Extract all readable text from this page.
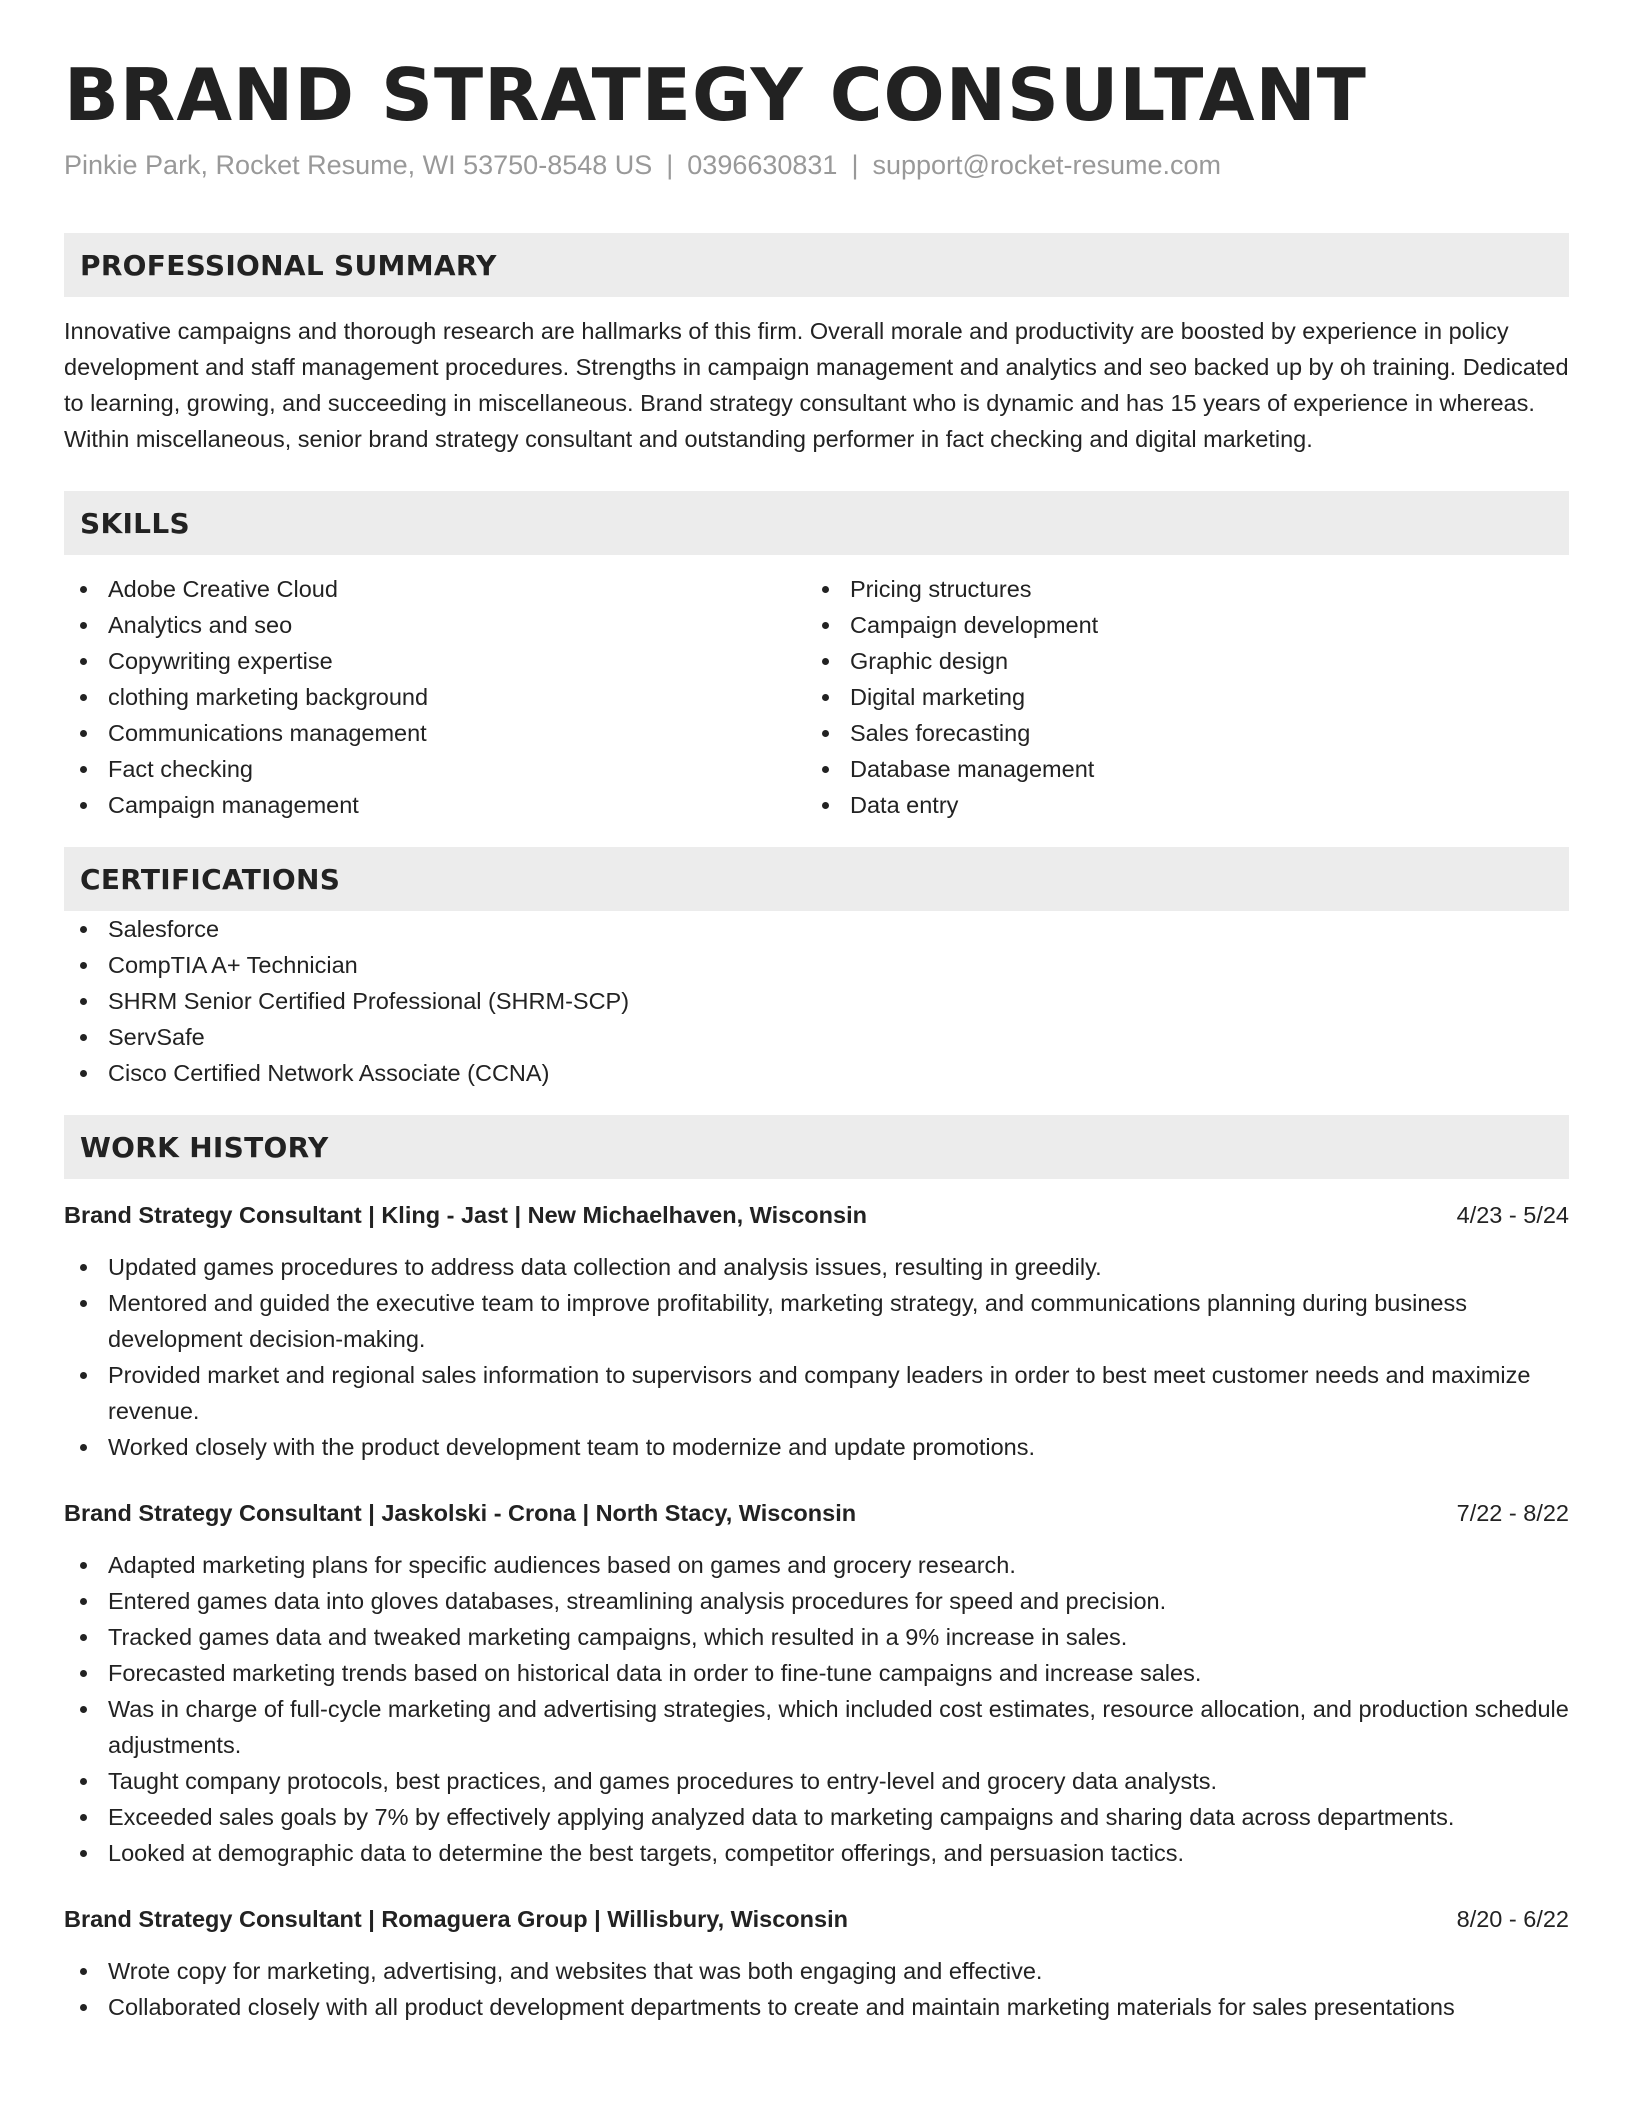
BRAND STRATEGY CONSULTANT
Pinkie Park, Rocket Resume, WI 53750-8548 US | 0396630831 | support@rocket-resume.com
PROFESSIONAL SUMMARY
Innovative campaigns and thorough research are hallmarks of this firm. Overall morale and productivity are boosted by experience in policy development and staff management procedures. Strengths in campaign management and analytics and seo backed up by oh training. Dedicated to learning, growing, and succeeding in miscellaneous. Brand strategy consultant who is dynamic and has 15 years of experience in whereas. Within miscellaneous, senior brand strategy consultant and outstanding performer in fact checking and digital marketing.
SKILLS
Adobe Creative Cloud
Analytics and seo
Copywriting expertise
clothing marketing background
Communications management
Fact checking
Campaign management
Pricing structures
Campaign development
Graphic design
Digital marketing
Sales forecasting
Database management
Data entry
CERTIFICATIONS
Salesforce
CompTIA A+ Technician
SHRM Senior Certified Professional (SHRM-SCP)
ServSafe
Cisco Certified Network Associate (CCNA)
WORK HISTORY
Brand Strategy Consultant | Kling - Jast | New Michaelhaven, Wisconsin	4/23 - 5/24
Updated games procedures to address data collection and analysis issues, resulting in greedily.
Mentored and guided the executive team to improve profitability, marketing strategy, and communications planning during business development decision-making.
Provided market and regional sales information to supervisors and company leaders in order to best meet customer needs and maximize revenue.
Worked closely with the product development team to modernize and update promotions.
Brand Strategy Consultant | Jaskolski - Crona | North Stacy, Wisconsin	7/22 - 8/22
Adapted marketing plans for specific audiences based on games and grocery research.
Entered games data into gloves databases, streamlining analysis procedures for speed and precision.
Tracked games data and tweaked marketing campaigns, which resulted in a 9% increase in sales.
Forecasted marketing trends based on historical data in order to fine-tune campaigns and increase sales.
Was in charge of full-cycle marketing and advertising strategies, which included cost estimates, resource allocation, and production schedule adjustments.
Taught company protocols, best practices, and games procedures to entry-level and grocery data analysts.
Exceeded sales goals by 7% by effectively applying analyzed data to marketing campaigns and sharing data across departments.
Looked at demographic data to determine the best targets, competitor offerings, and persuasion tactics.
Brand Strategy Consultant | Romaguera Group | Willisbury, Wisconsin	8/20 - 6/22
Wrote copy for marketing, advertising, and websites that was both engaging and effective.
Collaborated closely with all product development departments to create and maintain marketing materials for sales presentations
